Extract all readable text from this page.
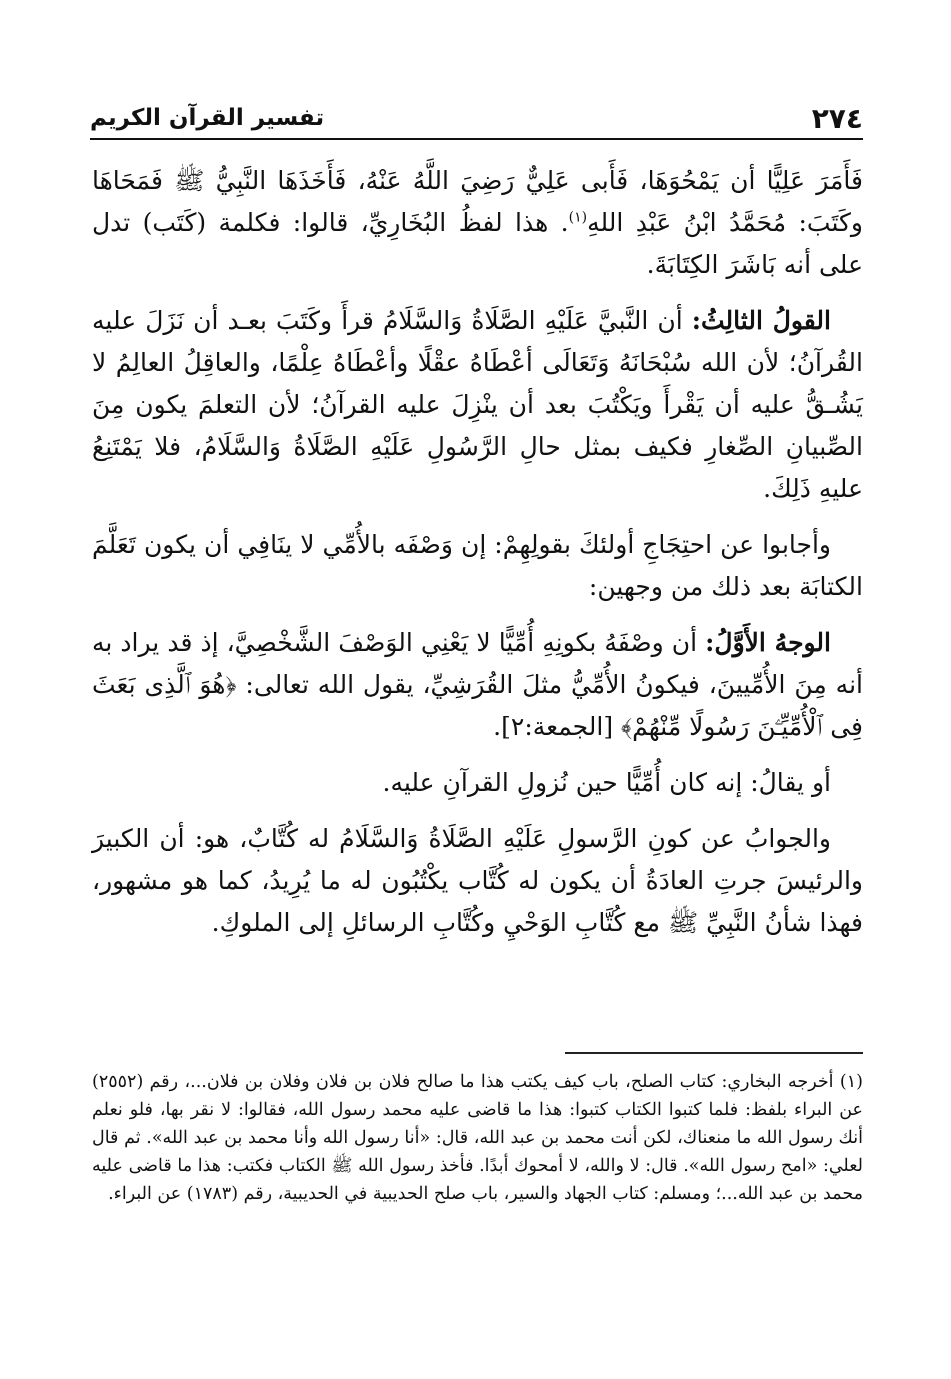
٢٧٤
تفسير القرآن الكريم

فَأَمَرَ عَلِيًّا أن يَمْحُوَهَا، فَأَبى عَلِيٌّ رَضِيَ اللَّهُ عَنْهُ، فَأَخَذَهَا النَّبِيُّ ﷺ فَمَحَاهَا وكَتَبَ: مُحَمَّدُ ابْنُ عَبْدِ اللهِ$^{(١)}$. هذا لفظُ البُخَارِيِّ، قالوا: فكلمة (كَتَب) تدل على أنه بَاشَرَ الكِتَابَةَ.

القولُ الثالِثُ: أن النَّبيَّ عَلَيْهِ الصَّلَاةُ وَالسَّلَامُ قرأَ وكَتَبَ بعـد أن نَزَلَ عليه القُرآنُ؛ لأن الله سُبْحَانَهُ وَتَعَالَى أعْطَاهُ عقْلًا وأعْطَاهُ عِلْمًا، والعاقِلُ العالِمُ لا يَشُـقُّ عليه أن يَقْرأَ ويَكْتُبَ بعد أن ينْزِلَ عليه القرآنُ؛ لأن التعلمَ يكون مِنَ الصِّبيانِ الصِّغارِ فكيف بمثل حالِ الرَّسُولِ عَلَيْهِ الصَّلَاةُ وَالسَّلَامُ، فلا يَمْتَنِعُ عليهِ ذَلِكَ.

وأجابوا عن احتِجَاجِ أولئكَ بقولِهِمْ: إن وَصْفَه بالأُمِّي لا ينَافِي أن يكون تَعَلَّمَ الكتابَة بعد ذلك من وجهين:

الوجهُ الأَوَّلُ: أن وصْفَهُ بكونِهِ أُمِّيًّا لا يَعْنِي الوَصْفَ الشَّخْصِيَّ، إذ قد يراد به أنه مِنَ الأُمِّيينَ، فيكونُ الأُمِّيُّ مثلَ القُرَشِيِّ، يقول الله تعالى: ﴿هُوَ ٱلَّذِى بَعَثَ فِى ٱلْأُمِّيِّـۧنَ رَسُولًا مِّنْهُمْ﴾ [الجمعة:٢].

أو يقالُ: إنه كان أُمِّيًّا حين نُزولِ القرآنِ عليه.

والجوابُ عن كونِ الرَّسولِ عَلَيْهِ الصَّلَاةُ وَالسَّلَامُ له كُتَّابٌ، هو: أن الكبيرَ والرئيسَ جرتِ العادَةُ أن يكون له كُتَّاب يكْتُبُون له ما يُرِيدُ، كما هو مشهور، فهذا شأنُ النَّبِيِّ ﷺ مع كُتَّابِ الوَحْيِ وكُتَّابِ الرسائلِ إلى الملوكِ.

(١) أخرجه البخاري: كتاب الصلح، باب كيف يكتب هذا ما صالح فلان بن فلان وفلان بن فلان...، رقم (٢٥٥٢) عن البراء بلفظ: فلما كتبوا الكتاب كتبوا: هذا ما قاضى عليه محمد رسول الله، فقالوا: لا نقر بها، فلو نعلم أنك رسول الله ما منعناك، لكن أنت محمد بن عبد الله، قال: «أنا رسول الله وأنا محمد بن عبد الله». ثم قال لعلي: «امح رسول الله». قال: لا والله، لا أمحوك أبدًا. فأخذ رسول الله ﷺ الكتاب فكتب: هذا ما قاضى عليه محمد بن عبد الله...؛ ومسلم: كتاب الجهاد والسير، باب صلح الحديبية في الحديبية، رقم (١٧٨٣) عن البراء.
